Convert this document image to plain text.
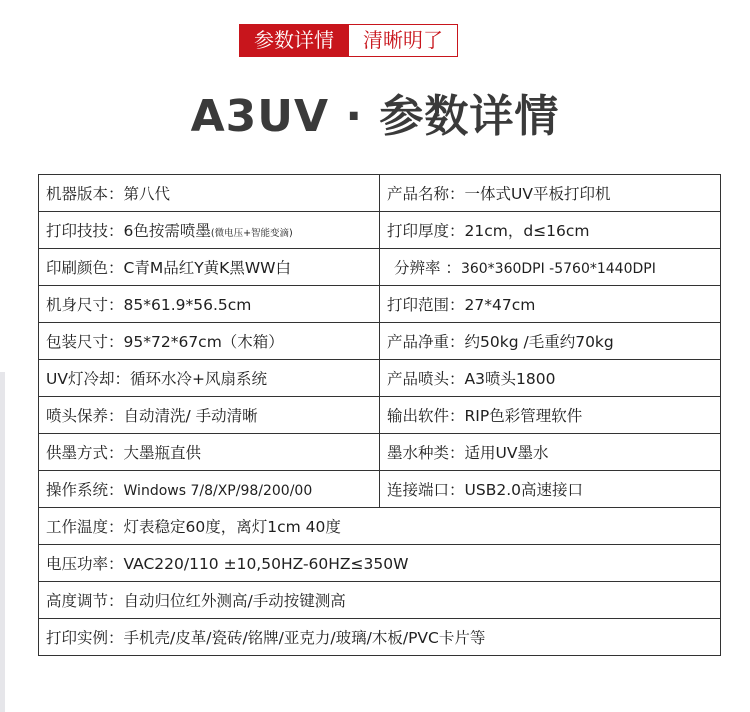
参数详情	清晰明了
A3UV · 参数详情
机器版本：第八代	产品名称：一体式UV平板打印机
打印技技：6色按需喷墨(微电压+智能变滴)	打印厚度：21cm，d≤16cm
印刷颜色：C青M品红Y黄K黑WW白	分辨率 ：360*360DPI -5760*1440DPI
机身尺寸：85*61.9*56.5cm	打印范围：27*47cm
包装尺寸：95*72*67cm（木箱）	产品净重：约50kg /毛重约70kg
UV灯冷却：循环水冷+风扇系统	产品喷头：A3喷头1800
喷头保养：自动清洗/ 手动清晰	输出软件：RIP色彩管理软件
供墨方式：大墨瓶直供	墨水种类：适用UV墨水
操作系统：Windows 7/8/XP/98/200/00	连接端口：USB2.0高速接口
工作温度：灯表稳定60度，离灯1cm 40度	
电压功率：VAC220/110 ±10,50HZ-60HZ≤350W	
高度调节：自动归位红外测高/手动按键测高	
打印实例：手机壳/皮革/瓷砖/铭牌/亚克力/玻璃/木板/PVC卡片等	
